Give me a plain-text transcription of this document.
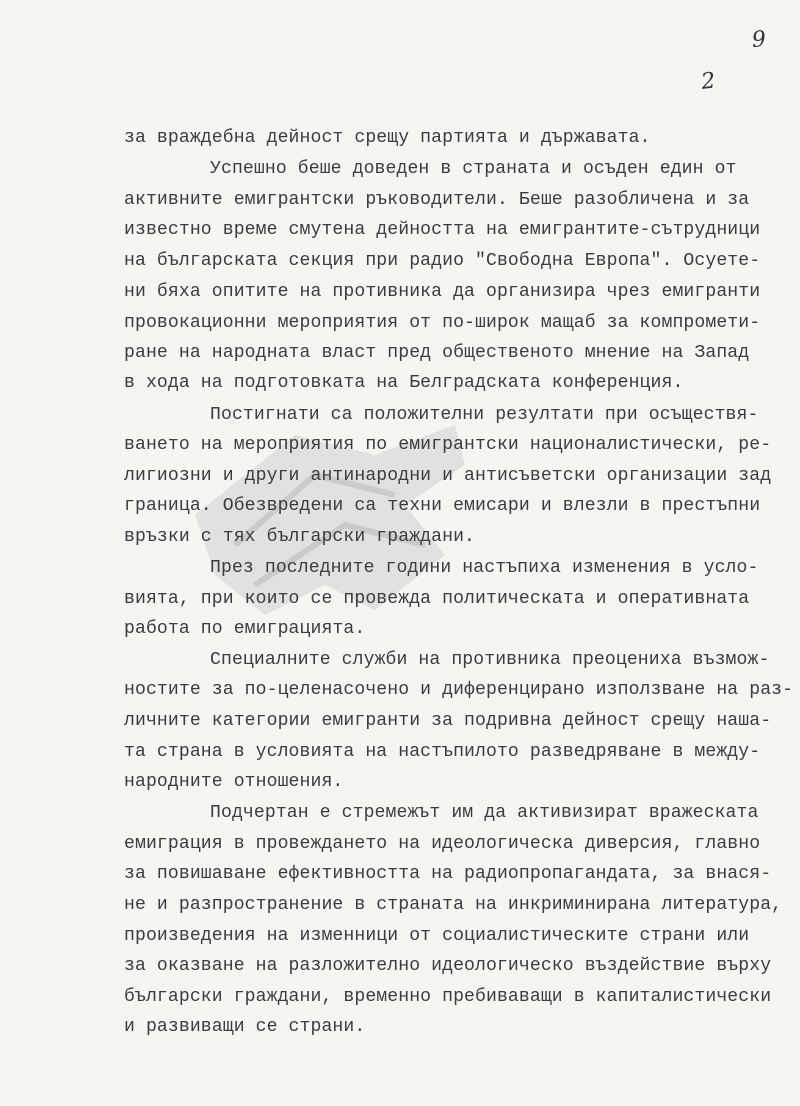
9
2
за враждебна дейност срещу партията и държавата.
Успешно беше доведен в страната и осъден един от
активните емигрантски ръководители. Беше разобличена и за
известно време смутена дейността на емигрантите-сътрудници
на българската секция при радио "Свободна Европа". Осуете-
ни бяха опитите на противника да организира чрез емигранти
провокационни мероприятия от по-широк мащаб за компромети-
ране на народната власт пред общественото мнение на Запад
в хода на подготовката на Белградската конференция.
Постигнати са положителни резултати при осъществя-
ването на мероприятия по емигрантски националистически, ре-
лигиозни и други антинародни и антисъветски организации зад
граница. Обезвредени са техни емисари и влезли в престъпни
връзки с тях български граждани.
През последните години настъпиха изменения в усло-
вията, при които се провежда политическата и оперативната
работа по емиграцията.
Специалните служби на противника преоцениха възмож-
ностите за по-целенасочено и диференцирано използване на раз-
личните категории емигранти за подривна дейност срещу наша-
та страна в условията на настъпилото разведряване в между-
народните отношения.
Подчертан е стремежът им да активизират вражеската
емиграция в провеждането на идеологическа диверсия, главно
за повишаване ефективността на радиопропагандата, за внася-
не и разпространение в страната на инкриминирана литература,
произведения на изменници от социалистическите страни или
за оказване на разложително идеологическо въздействие върху
български граждани, временно пребиваващи в капиталистически
и развиващи се страни.
